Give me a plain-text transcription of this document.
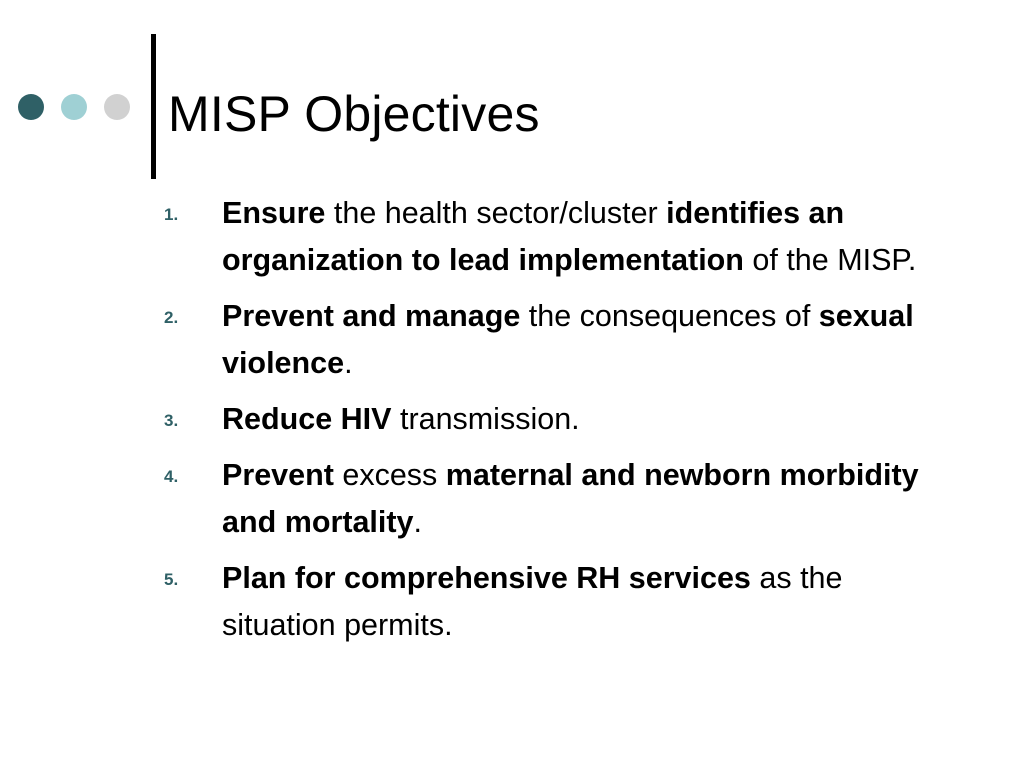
MISP Objectives
1. Ensure the health sector/cluster identifies an organization to lead implementation of the MISP.
2. Prevent and manage the consequences of sexual violence.
3. Reduce HIV transmission.
4. Prevent excess maternal and newborn morbidity and mortality.
5. Plan for comprehensive RH services as the situation permits.
